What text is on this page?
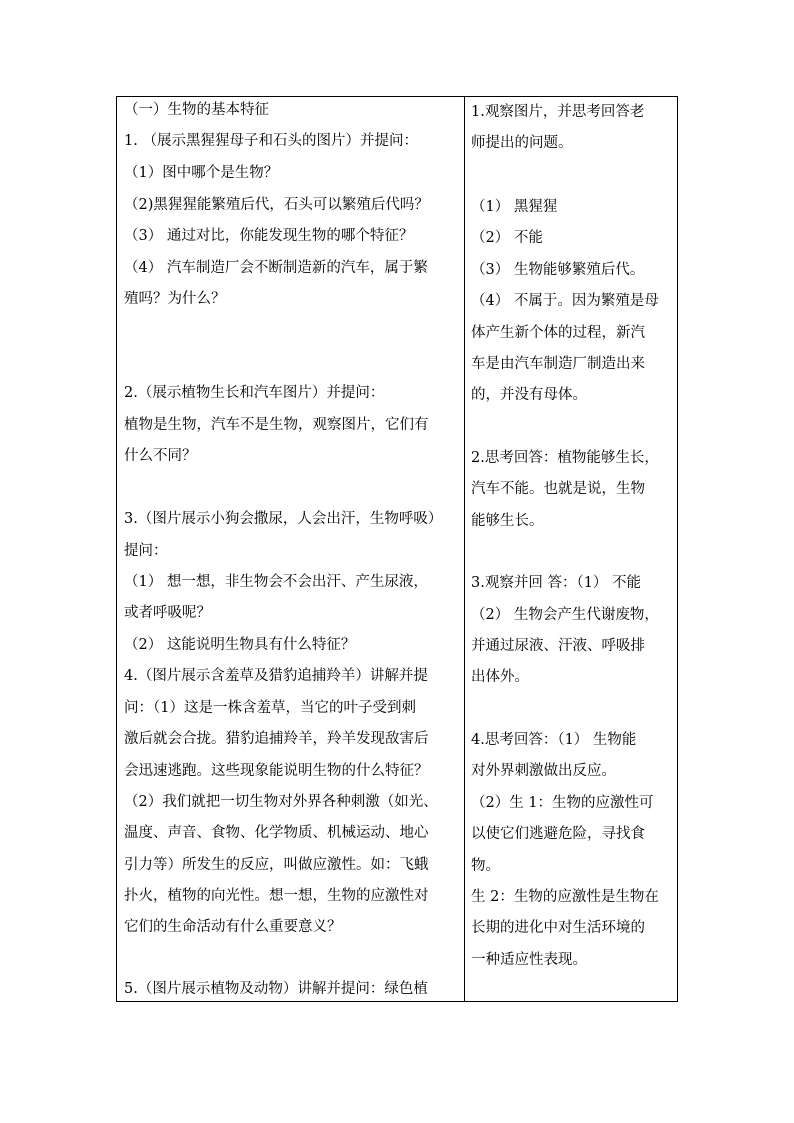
（一）生物的基本特征
1. （展示黑猩猩母子和石头的图片）并提问：
（1）图中哪个是生物？
（2)黑猩猩能繁殖后代，石头可以繁殖后代吗？
（3） 通过对比，你能发现生物的哪个特征？
（4） 汽车制造厂会不断制造新的汽车，属于繁
殖吗？为什么？
2.（展示植物生长和汽车图片）并提问：
植物是生物，汽车不是生物，观察图片，它们有
什么不同？
3.（图片展示小狗会撒尿，人会出汗，生物呼吸）
提问：
（1） 想一想，非生物会不会出汗、产生尿液，
或者呼吸呢？
（2） 这能说明生物具有什么特征？
4.（图片展示含羞草及猎豹追捕羚羊）讲解并提
问：（1）这是一株含羞草，当它的叶子受到刺
激后就会合拢。猎豹追捕羚羊，羚羊发现敌害后
会迅速逃跑。这些现象能说明生物的什么特征？
（2）我们就把一切生物对外界各种刺激（如光、
温度、声音、食物、化学物质、机械运动、地心
引力等）所发生的反应，叫做应激性。如：飞蛾
扑火，植物的向光性。想一想，生物的应激性对
它们的生命活动有什么重要意义？
5.（图片展示植物及动物）讲解并提问：绿色植
1.观察图片，并思考回答老
师提出的问题。
（1） 黑猩猩
（2） 不能
（3） 生物能够繁殖后代。
（4） 不属于。因为繁殖是母
体产生新个体的过程，新汽
车是由汽车制造厂制造出来
的，并没有母体。
2.思考回答：植物能够生长，
汽车不能。也就是说，生物
能够生长。
3.观察并回 答：（1） 不能
（2） 生物会产生代谢废物，
并通过尿液、汗液、呼吸排
出体外。
4.思考回答：（1） 生物能
对外界刺激做出反应。
（2）生 1：生物的应激性可
以使它们逃避危险，寻找食
物。
生 2：生物的应激性是生物在
长期的进化中对生活环境的
一种适应性表现。
